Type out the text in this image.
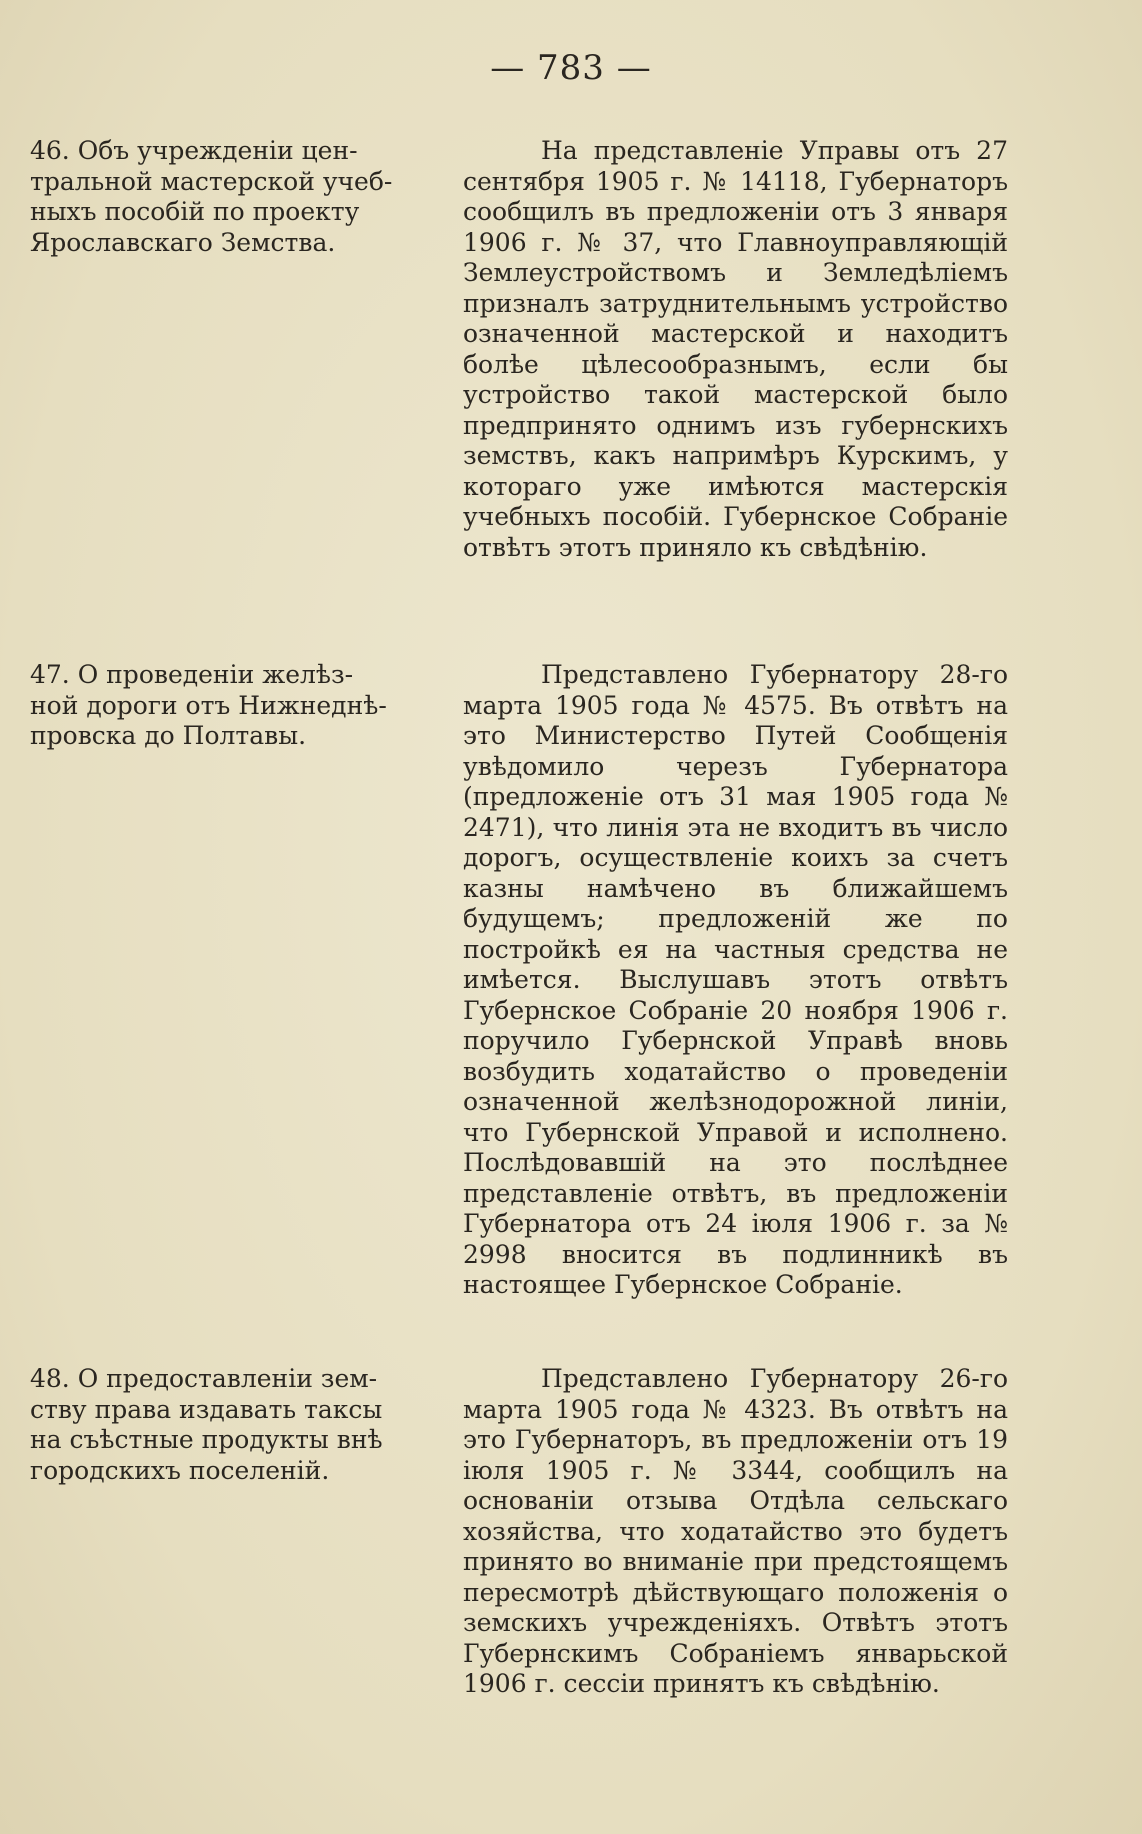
— 783 —
46. Объ учрежденіи цен-
тральной мастерской учеб-
ныхъ пособій по проекту
Ярославскаго Земства.
На представленіе Управы отъ 27 сентября 1905 г. № 14118, Губернаторъ сообщилъ въ предложеніи отъ 3 января 1906 г. № 37, что Главноуправляющій Землеустройствомъ и Земледѣліемъ призналъ затруднительнымъ устройство означенной мастерской и находитъ болѣе цѣлесообразнымъ, если бы устройство такой мастерской было предпринято однимъ изъ губернскихъ земствъ, какъ напримѣръ Курскимъ, у котораго уже имѣются мастерскія учебныхъ пособій. Губернское Собраніе отвѣтъ этотъ приняло къ свѣдѣнію.
47. О проведеніи желѣз-
ной дороги отъ Нижнеднѣ-
провска до Полтавы.
Представлено Губернатору 28-го марта 1905 года № 4575. Въ отвѣтъ на это Министерство Путей Сообщенія увѣдомило черезъ Губернатора (предложеніе отъ 31 мая 1905 года № 2471), что линія эта не входитъ въ число дорогъ, осуществленіе коихъ за счетъ казны намѣчено въ ближайшемъ будущемъ; предложеній же по постройкѣ ея на частныя средства не имѣется. Выслушавъ этотъ отвѣтъ Губернское Собраніе 20 ноября 1906 г. поручило Губернской Управѣ вновь возбудить ходатайство о проведеніи означенной желѣзнодорожной линіи, что Губернской Управой и исполнено. Послѣдовавшій на это послѣднее представленіе отвѣтъ, въ предложеніи Губернатора отъ 24 іюля 1906 г. за № 2998 вносится въ подлинникѣ въ настоящее Губернское Собраніе.
48. О предоставленіи зем-
ству права издавать таксы
на съѣстные продукты внѣ
городскихъ поселеній.
Представлено Губернатору 26-го марта 1905 года № 4323. Въ отвѣтъ на это Губернаторъ, въ предложеніи отъ 19 іюля 1905 г. № 3344, сообщилъ на основаніи отзыва Отдѣла сельскаго хозяйства, что ходатайство это будетъ принято во вниманіе при предстоящемъ пересмотрѣ дѣйствующаго положенія о земскихъ учрежденіяхъ. Отвѣтъ этотъ Губернскимъ Собраніемъ январьской 1906 г. сессіи принятъ къ свѣдѣнію.
